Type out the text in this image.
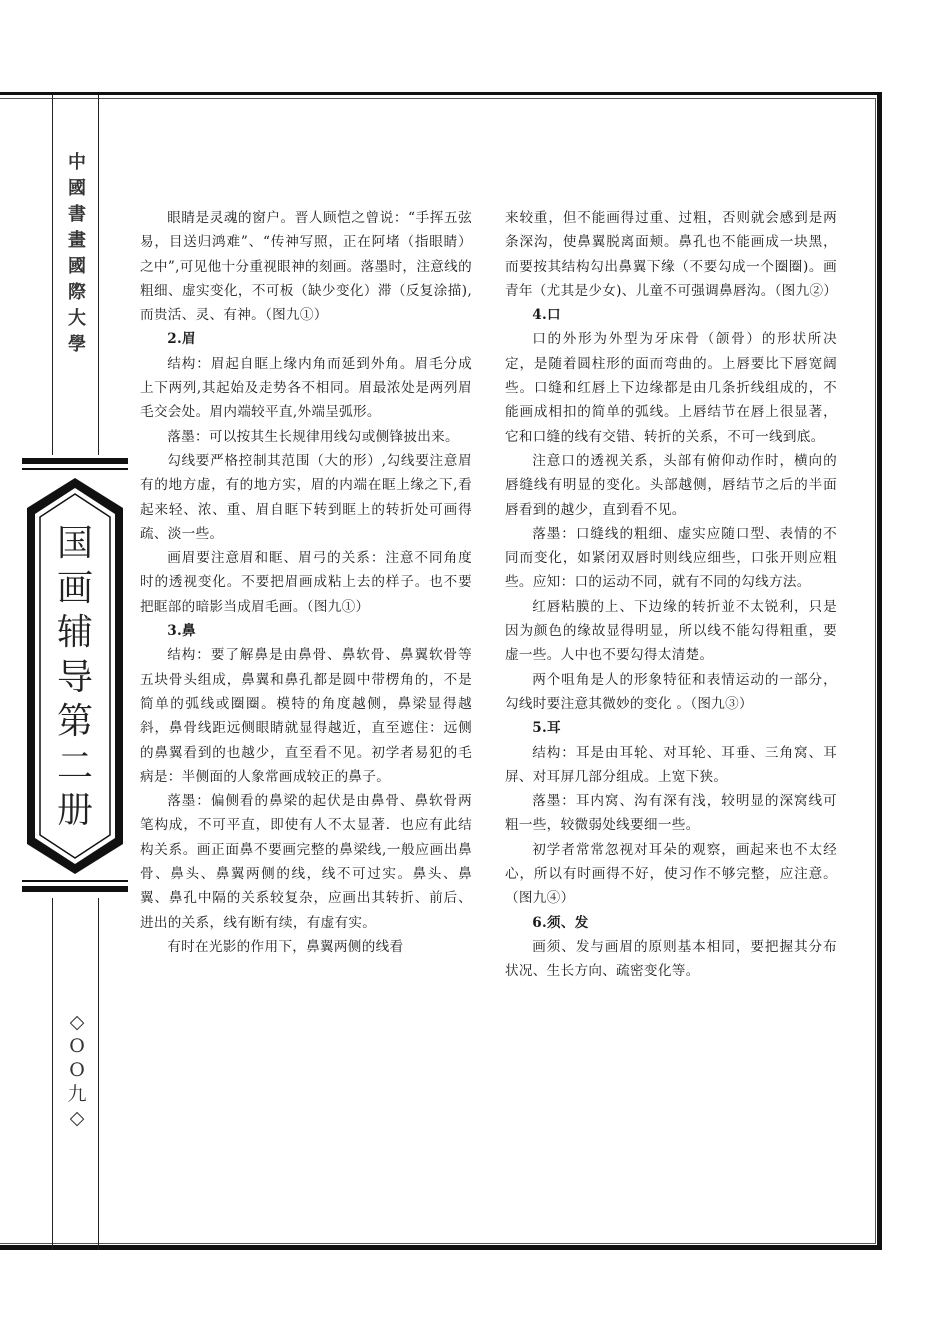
中
國
書
畫
國
際
大
學
国
画
辅
导
第
二
册
◇
O
O
九
◇

眼睛是灵魂的窗户。晋人顾恺之曾说：“手挥五弦易，目送归鸿难”、“传神写照，正在阿堵（指眼睛）之中”,可见他十分重视眼神的刻画。落墨时，注意线的粗细、虚实变化，不可板（缺少变化）滞（反复涂描),而贵活、灵、有神。（图九①）

2.眉

结构：眉起自眶上缘内角而延到外角。眉毛分成上下两列,其起始及走势各不相同。眉最浓处是两列眉毛交会处。眉内端较平直,外端呈弧形。

落墨：可以按其生长规律用线勾或侧锋披出来。

勾线要严格控制其范围（大的形）,勾线要注意眉有的地方虚，有的地方实，眉的内端在眶上缘之下,看起来轻、浓、重、眉自眶下转到眶上的转折处可画得疏、淡一些。

画眉要注意眉和眶、眉弓的关系：注意不同角度时的透视变化。不要把眉画成粘上去的样子。也不要把眶部的暗影当成眉毛画。（图九①）

3.鼻

结构：要了解鼻是由鼻骨、鼻软骨、鼻翼软骨等五块骨头组成，鼻翼和鼻孔都是圆中带楞角的，不是简单的弧线或圈圈。模特的角度越侧，鼻梁显得越斜，鼻骨线距远侧眼睛就显得越近，直至遮住：远侧的鼻翼看到的也越少，直至看不见。初学者易犯的毛病是：半侧面的人象常画成较正的鼻子。

落墨：偏侧看的鼻梁的起伏是由鼻骨、鼻软骨两笔构成，不可平直，即使有人不太显著．也应有此结构关系。画正面鼻不要画完整的鼻梁线,一般应画出鼻骨、鼻头、鼻翼两侧的线，线不可过实。鼻头、鼻翼、鼻孔中隔的关系较复杂，应画出其转折、前后、进出的关系，线有断有续，有虚有实。

有时在光影的作用下，鼻翼两侧的线看

来较重，但不能画得过重、过粗，否则就会感到是两条深沟，使鼻翼脱离面颊。鼻孔也不能画成一块黑，而要按其结构勾出鼻翼下缘（不要勾成一个圈圈)。画青年（尤其是少女)、儿童不可强调鼻唇沟。（图九②）

4.口

口的外形为外型为牙床骨（颌骨）的形状所决定，是随着圆柱形的面而弯曲的。上唇要比下唇宽阔些。口缝和红唇上下边缘都是由几条折线组成的，不能画成相扣的简单的弧线。上唇结节在唇上很显著，它和口缝的线有交错、转折的关系，不可一线到底。

注意口的透视关系，头部有俯仰动作时，横向的唇缝线有明显的变化。头部越侧，唇结节之后的半面唇看到的越少，直到看不见。

落墨：口缝线的粗细、虚实应随口型、表情的不同而变化，如紧闭双唇时则线应细些，口张开则应粗些。应知：口的运动不同，就有不同的勾线方法。

红唇粘膜的上、下边缘的转折並不太锐利，只是因为颜色的缘故显得明显，所以线不能勾得粗重，要虚一些。人中也不要勾得太清楚。

两个咀角是人的形象特征和表情运动的一部分，勾线时要注意其微妙的变化 。（图九③）

5.耳

结构：耳是由耳轮、对耳轮、耳垂、三角窝、耳屏、对耳屏几部分组成。上宽下狭。

落墨：耳内窝、沟有深有浅，较明显的深窝线可粗一些，较微弱处线要细一些。

初学者常常忽视对耳朵的观察，画起来也不太经心，所以有时画得不好，使习作不够完整，应注意。（图九④）

6.须、发

画须、发与画眉的原则基本相同，要把握其分布状况、生长方向、疏密变化等。
